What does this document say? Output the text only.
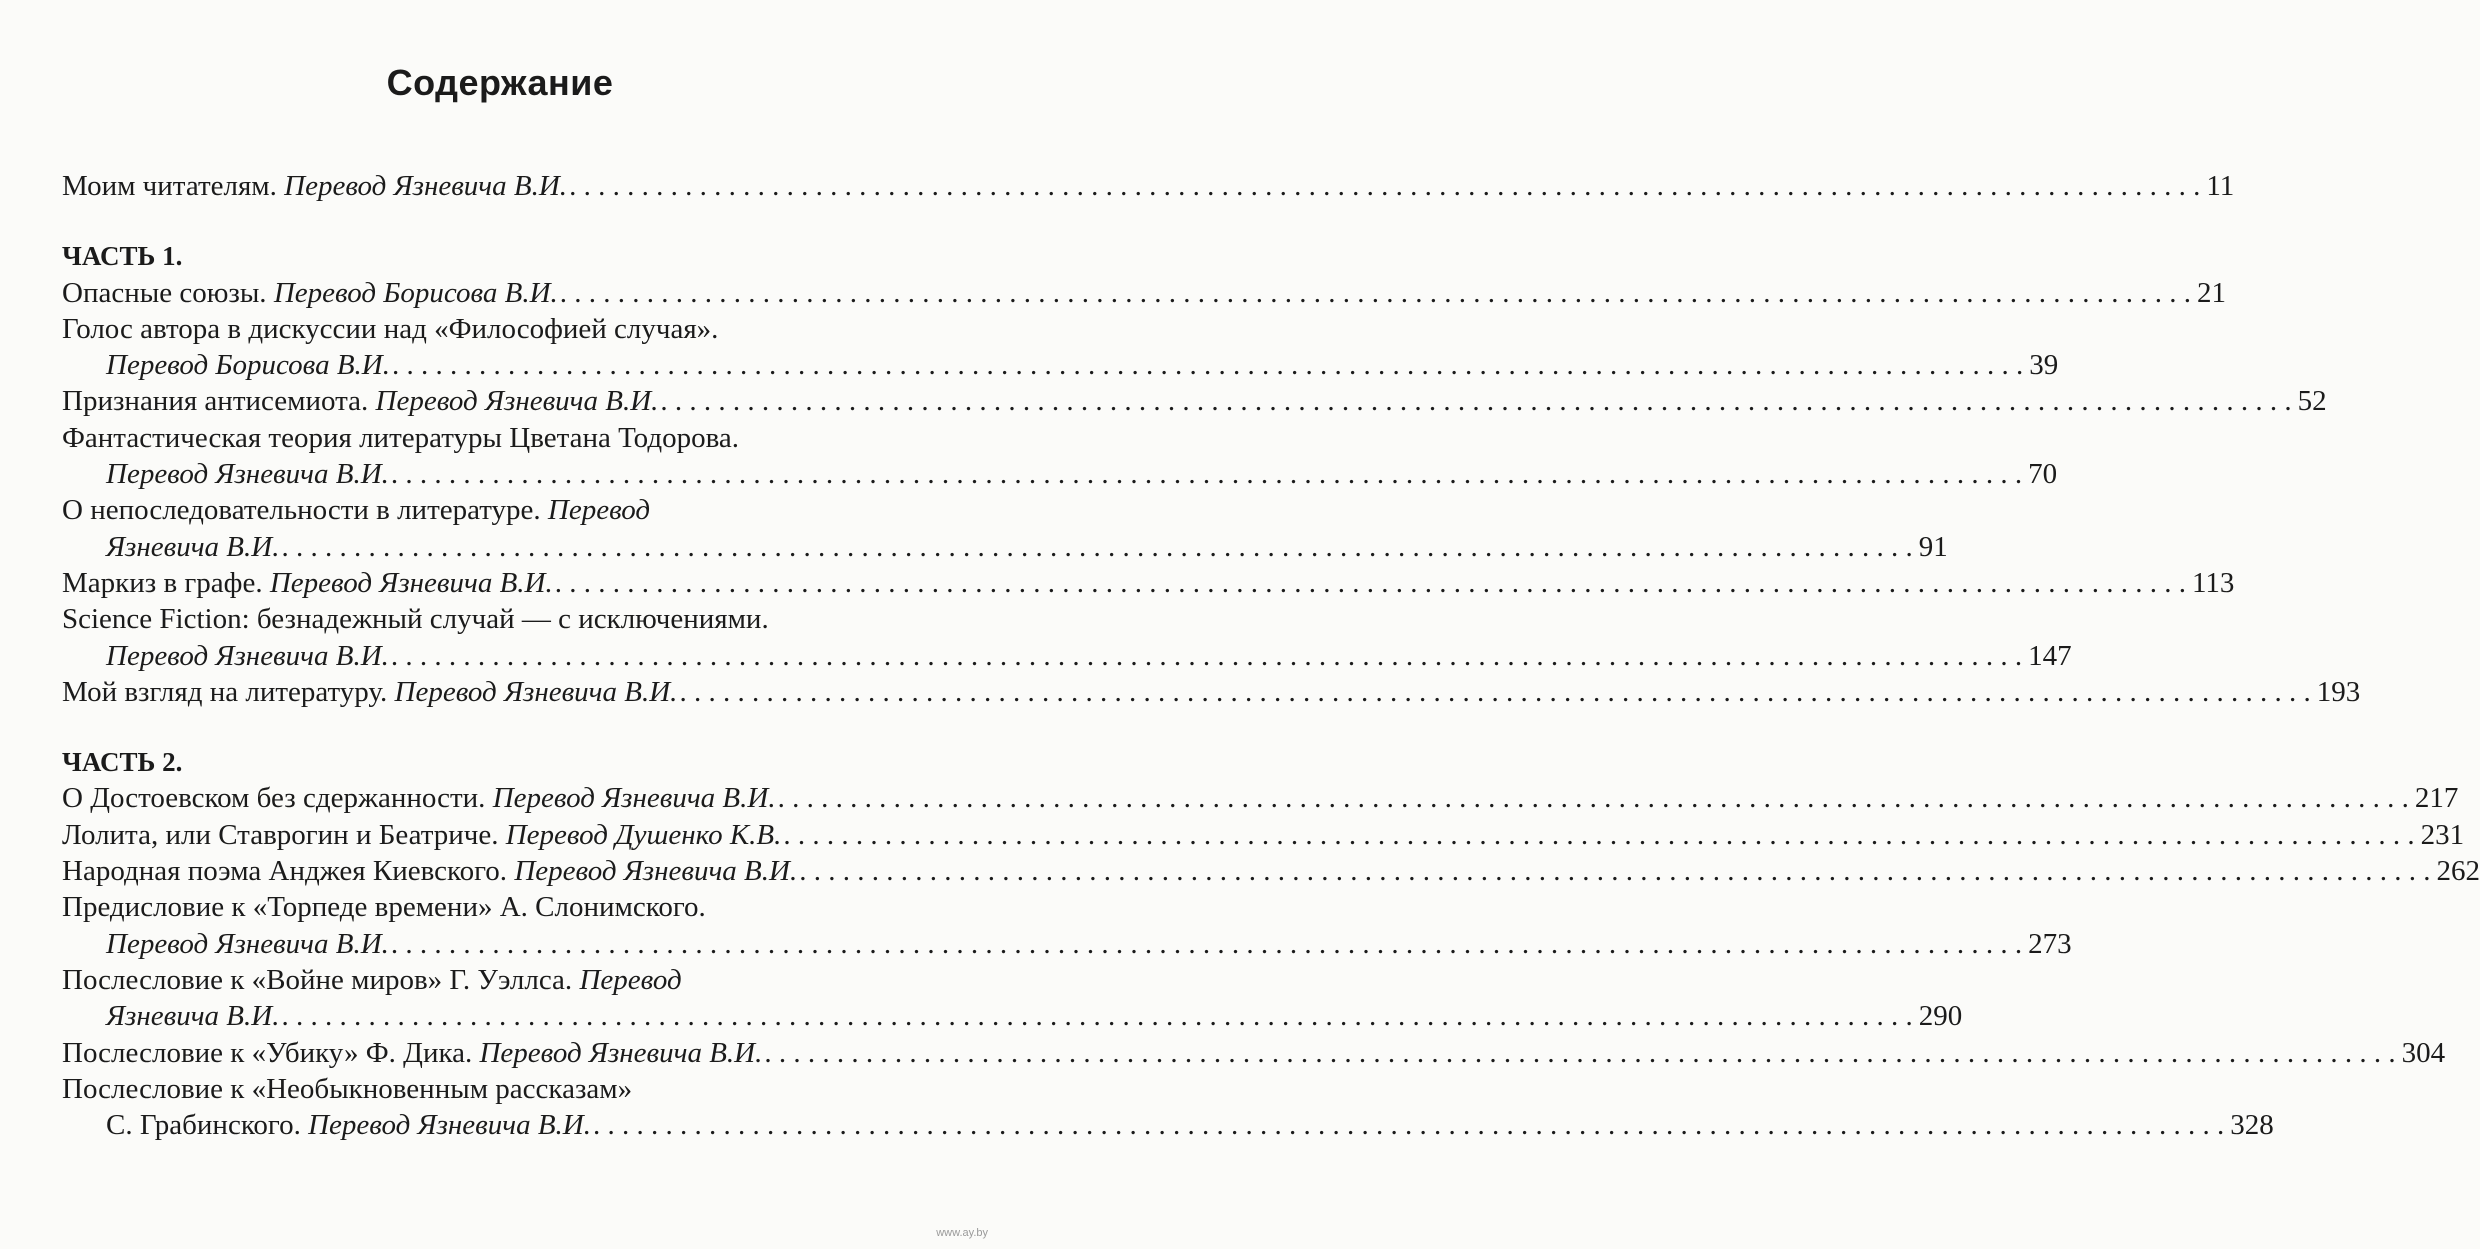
Содержание
Моим читателям. Перевод Язневича В.И. . . .	11
ЧАСТЬ 1.
Опасные союзы. Перевод Борисова В.И. . . .	21
Голос автора в дискуссии над «Философией случая».
Перевод Борисова В.И. . . .	39
Признания антисемиота. Перевод Язневича В.И. . . .	52
Фантастическая теория литературы Цветана Тодорова.
Перевод Язневича В.И. . . .	70
О непоследовательности в литературе. Перевод
Язневича В.И. . . .	91
Маркиз в графе. Перевод Язневича В.И. . . .	113
Science Fiction: безнадежный случай — с исключениями.
Перевод Язневича В.И. . . .	147
Мой взгляд на литературу. Перевод Язневича В.И. . . .	193
ЧАСТЬ 2.
О Достоевском без сдержанности. Перевод Язневича В.И. . . .	217
Лолита, или Ставрогин и Беатриче. Перевод Душенко К.В. . . .	231
Народная поэма Анджея Киевского. Перевод Язневича В.И. . . .	262
Предисловие к «Торпеде времени» А. Слонимского.
Перевод Язневича В.И. . . .	273
Послесловие к «Войне миров» Г. Уэллса. Перевод
Язневича В.И. . . .	290
Послесловие к «Убику» Ф. Дика. Перевод Язневича В.И. . . .	304
Послесловие к «Необыкновенным рассказам»
С. Грабинского. Перевод Язневича В.И. . . .	328
www.ay.by
